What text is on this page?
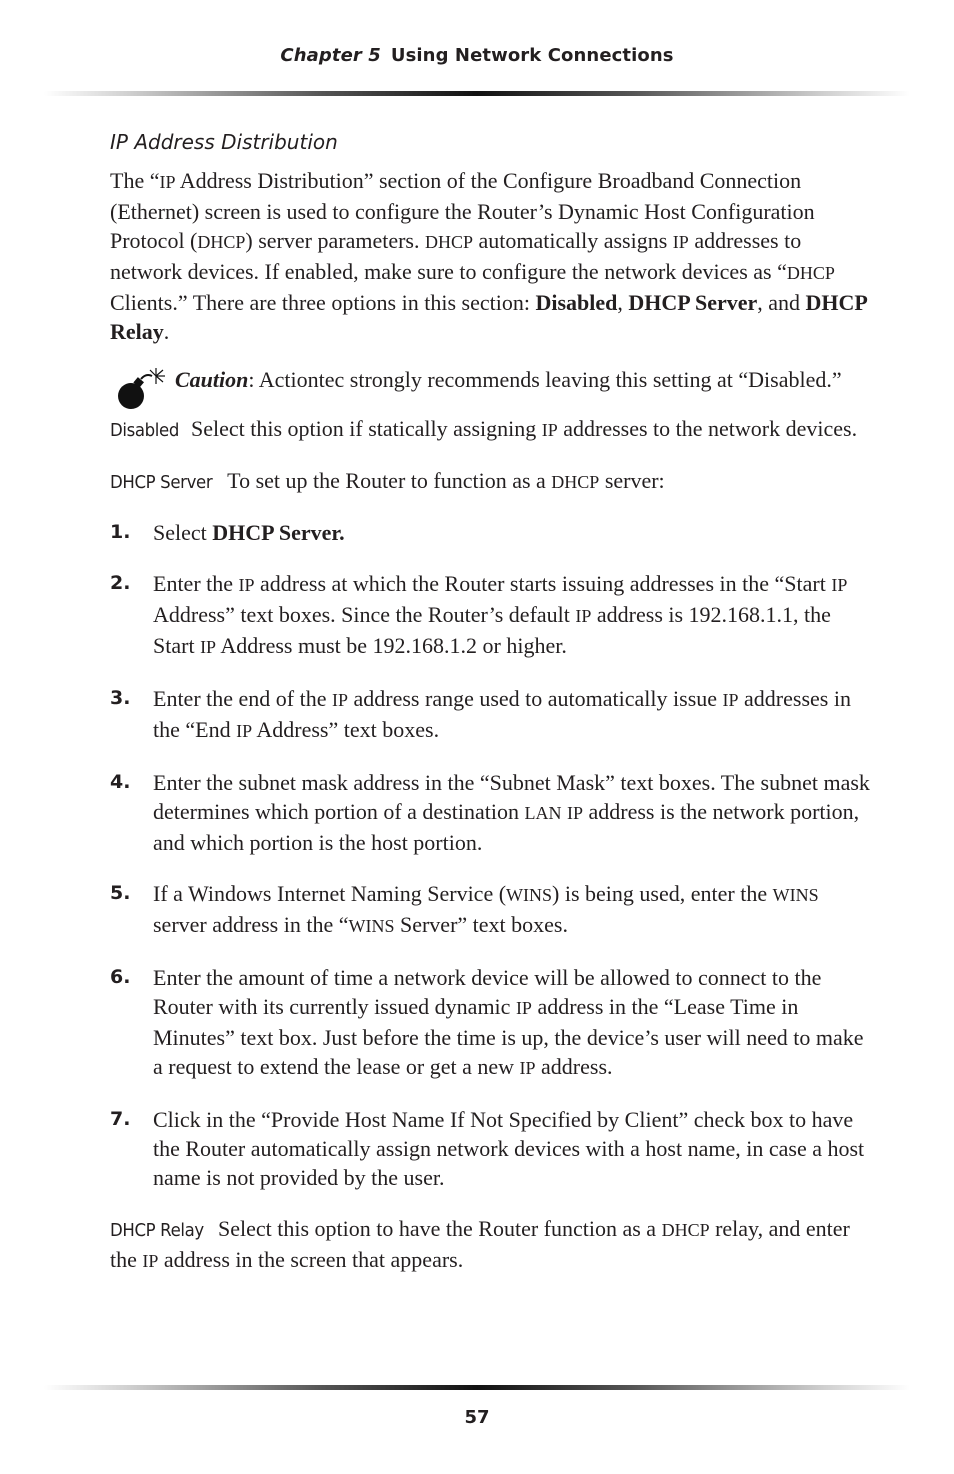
Chapter 5 Using Network Connections
IP Address Distribution

The “IP Address Distribution” section of the Configure Broadband Connection (Ethernet) screen is used to configure the Router’s Dynamic Host Configuration Protocol (DHCP) server parameters. DHCP automatically assigns IP addresses to network devices. If enabled, make sure to configure the network devices as “DHCP Clients.” There are three options in this section: Disabled, DHCP Server, and DHCP Relay.

Caution: Actiontec strongly recommends leaving this setting at “Disabled.”

Disabled Select this option if statically assigning IP addresses to the network devices.

DHCP Server To set up the Router to function as a DHCP server:

1. Select DHCP Server.
2. Enter the IP address at which the Router starts issuing addresses in the “Start IP Address” text boxes. Since the Router’s default IP address is 192.168.1.1, the Start IP Address must be 192.168.1.2 or higher.
3. Enter the end of the IP address range used to automatically issue IP addresses in the “End IP Address” text boxes.
4. Enter the subnet mask address in the “Subnet Mask” text boxes. The subnet mask determines which portion of a destination LAN IP address is the network portion, and which portion is the host portion.
5. If a Windows Internet Naming Service (WINS) is being used, enter the WINS server address in the “WINS Server” text boxes.
6. Enter the amount of time a network device will be allowed to connect to the Router with its currently issued dynamic IP address in the “Lease Time in Minutes” text box. Just before the time is up, the device’s user will need to make a request to extend the lease or get a new IP address.
7. Click in the “Provide Host Name If Not Specified by Client” check box to have the Router automatically assign network devices with a host name, in case a host name is not provided by the user.

DHCP Relay Select this option to have the Router function as a DHCP relay, and enter the IP address in the screen that appears.

57
